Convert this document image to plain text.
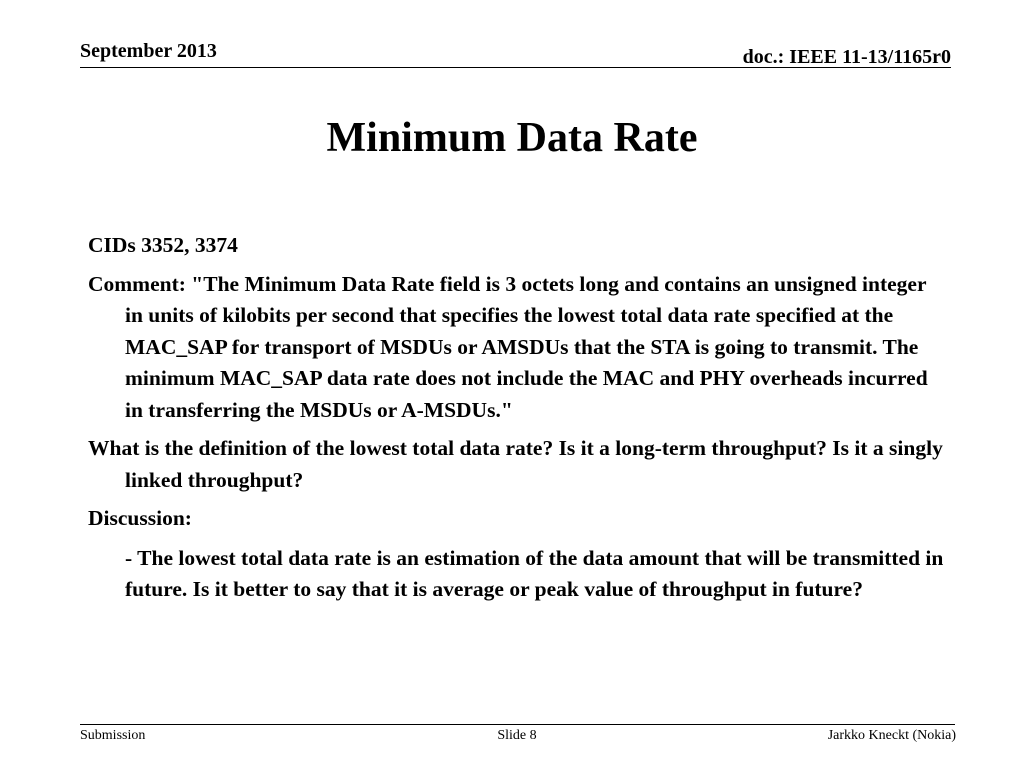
September 2013	doc.: IEEE 11-13/1165r0
Minimum Data Rate

CIDs 3352, 3374

Comment: "The Minimum Data Rate field is 3 octets long and contains an unsigned integer in units of kilobits per second that specifies the lowest total data rate specified at the MAC_SAP for transport of MSDUs or AMSDUs that the STA is going to transmit. The minimum MAC_SAP data rate does not include the MAC and PHY overheads incurred in transferring the MSDUs or A-MSDUs."

What is the definition of the lowest total data rate? Is it a long-term throughput? Is it a singly linked throughput?

Discussion:

- The lowest total data rate is an estimation of the data amount that will be transmitted in future. Is it better to say that it is average or peak value of throughput in future?

Submission	Slide 8	Jarkko Kneckt (Nokia)
